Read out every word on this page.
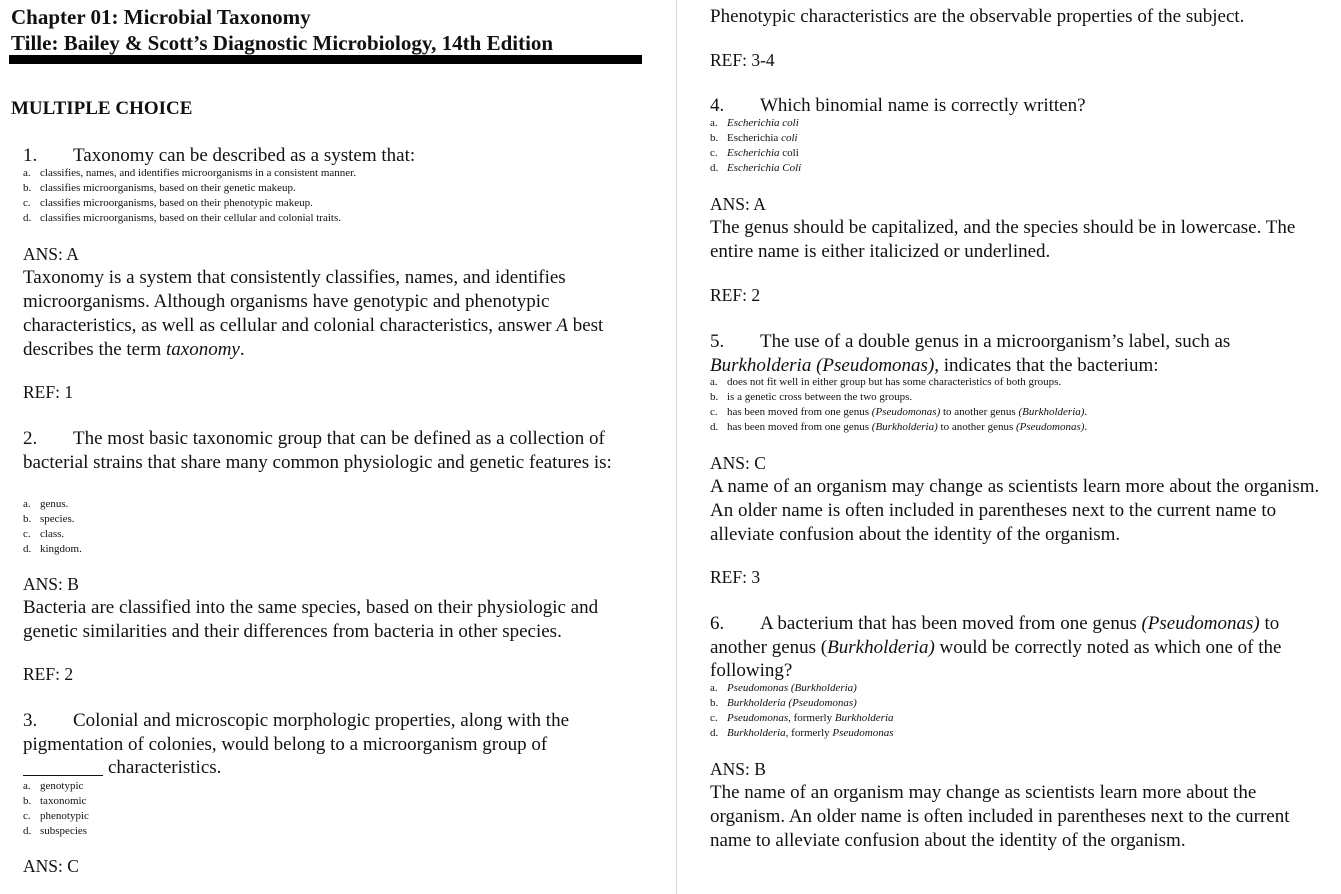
Chapter 01: Microbial Taxonomy
Tille: Bailey & Scott’s Diagnostic Microbiology, 14th Edition
MULTIPLE CHOICE
1. Taxonomy can be described as a system that:
a. classifies, names, and identifies microorganisms in a consistent manner.
b. classifies microorganisms, based on their genetic makeup.
c. classifies microorganisms, based on their phenotypic makeup.
d. classifies microorganisms, based on their cellular and colonial traits.
ANS: A
Taxonomy is a system that consistently classifies, names, and identifies microorganisms. Although organisms have genotypic and phenotypic characteristics, as well as cellular and colonial characteristics, answer A best describes the term taxonomy.
REF: 1
2. The most basic taxonomic group that can be defined as a collection of bacterial strains that share many common physiologic and genetic features is:
a. genus.
b. species.
c. class.
d. kingdom.
ANS: B
Bacteria are classified into the same species, based on their physiologic and genetic similarities and their differences from bacteria in other species.
REF: 2
3. Colonial and microscopic morphologic properties, along with the pigmentation of colonies, would belong to a microorganism group of
characteristics.
a. genotypic
b. taxonomic
c. phenotypic
d. subspecies
ANS: C
Phenotypic characteristics are the observable properties of the subject.
REF: 3-4
4. Which binomial name is correctly written?
a. Escherichia coli
b. Escherichia coli
c. Escherichia coli
d. Escherichia Coli
ANS: A
The genus should be capitalized, and the species should be in lowercase. The entire name is either italicized or underlined.
REF: 2
5. The use of a double genus in a microorganism’s label, such as Burkholderia (Pseudomonas), indicates that the bacterium:
a. does not fit well in either group but has some characteristics of both groups.
b. is a genetic cross between the two groups.
c. has been moved from one genus (Pseudomonas) to another genus (Burkholderia).
d. has been moved from one genus (Burkholderia) to another genus (Pseudomonas).
ANS: C
A name of an organism may change as scientists learn more about the organism. An older name is often included in parentheses next to the current name to alleviate confusion about the identity of the organism.
REF: 3
6. A bacterium that has been moved from one genus (Pseudomonas) to another genus (Burkholderia) would be correctly noted as which one of the following?
a. Pseudomonas (Burkholderia)
b. Burkholderia (Pseudomonas)
c. Pseudomonas, formerly Burkholderia
d. Burkholderia, formerly Pseudomonas
ANS: B
The name of an organism may change as scientists learn more about the organism. An older name is often included in parentheses next to the current name to alleviate confusion about the identity of the organism.
